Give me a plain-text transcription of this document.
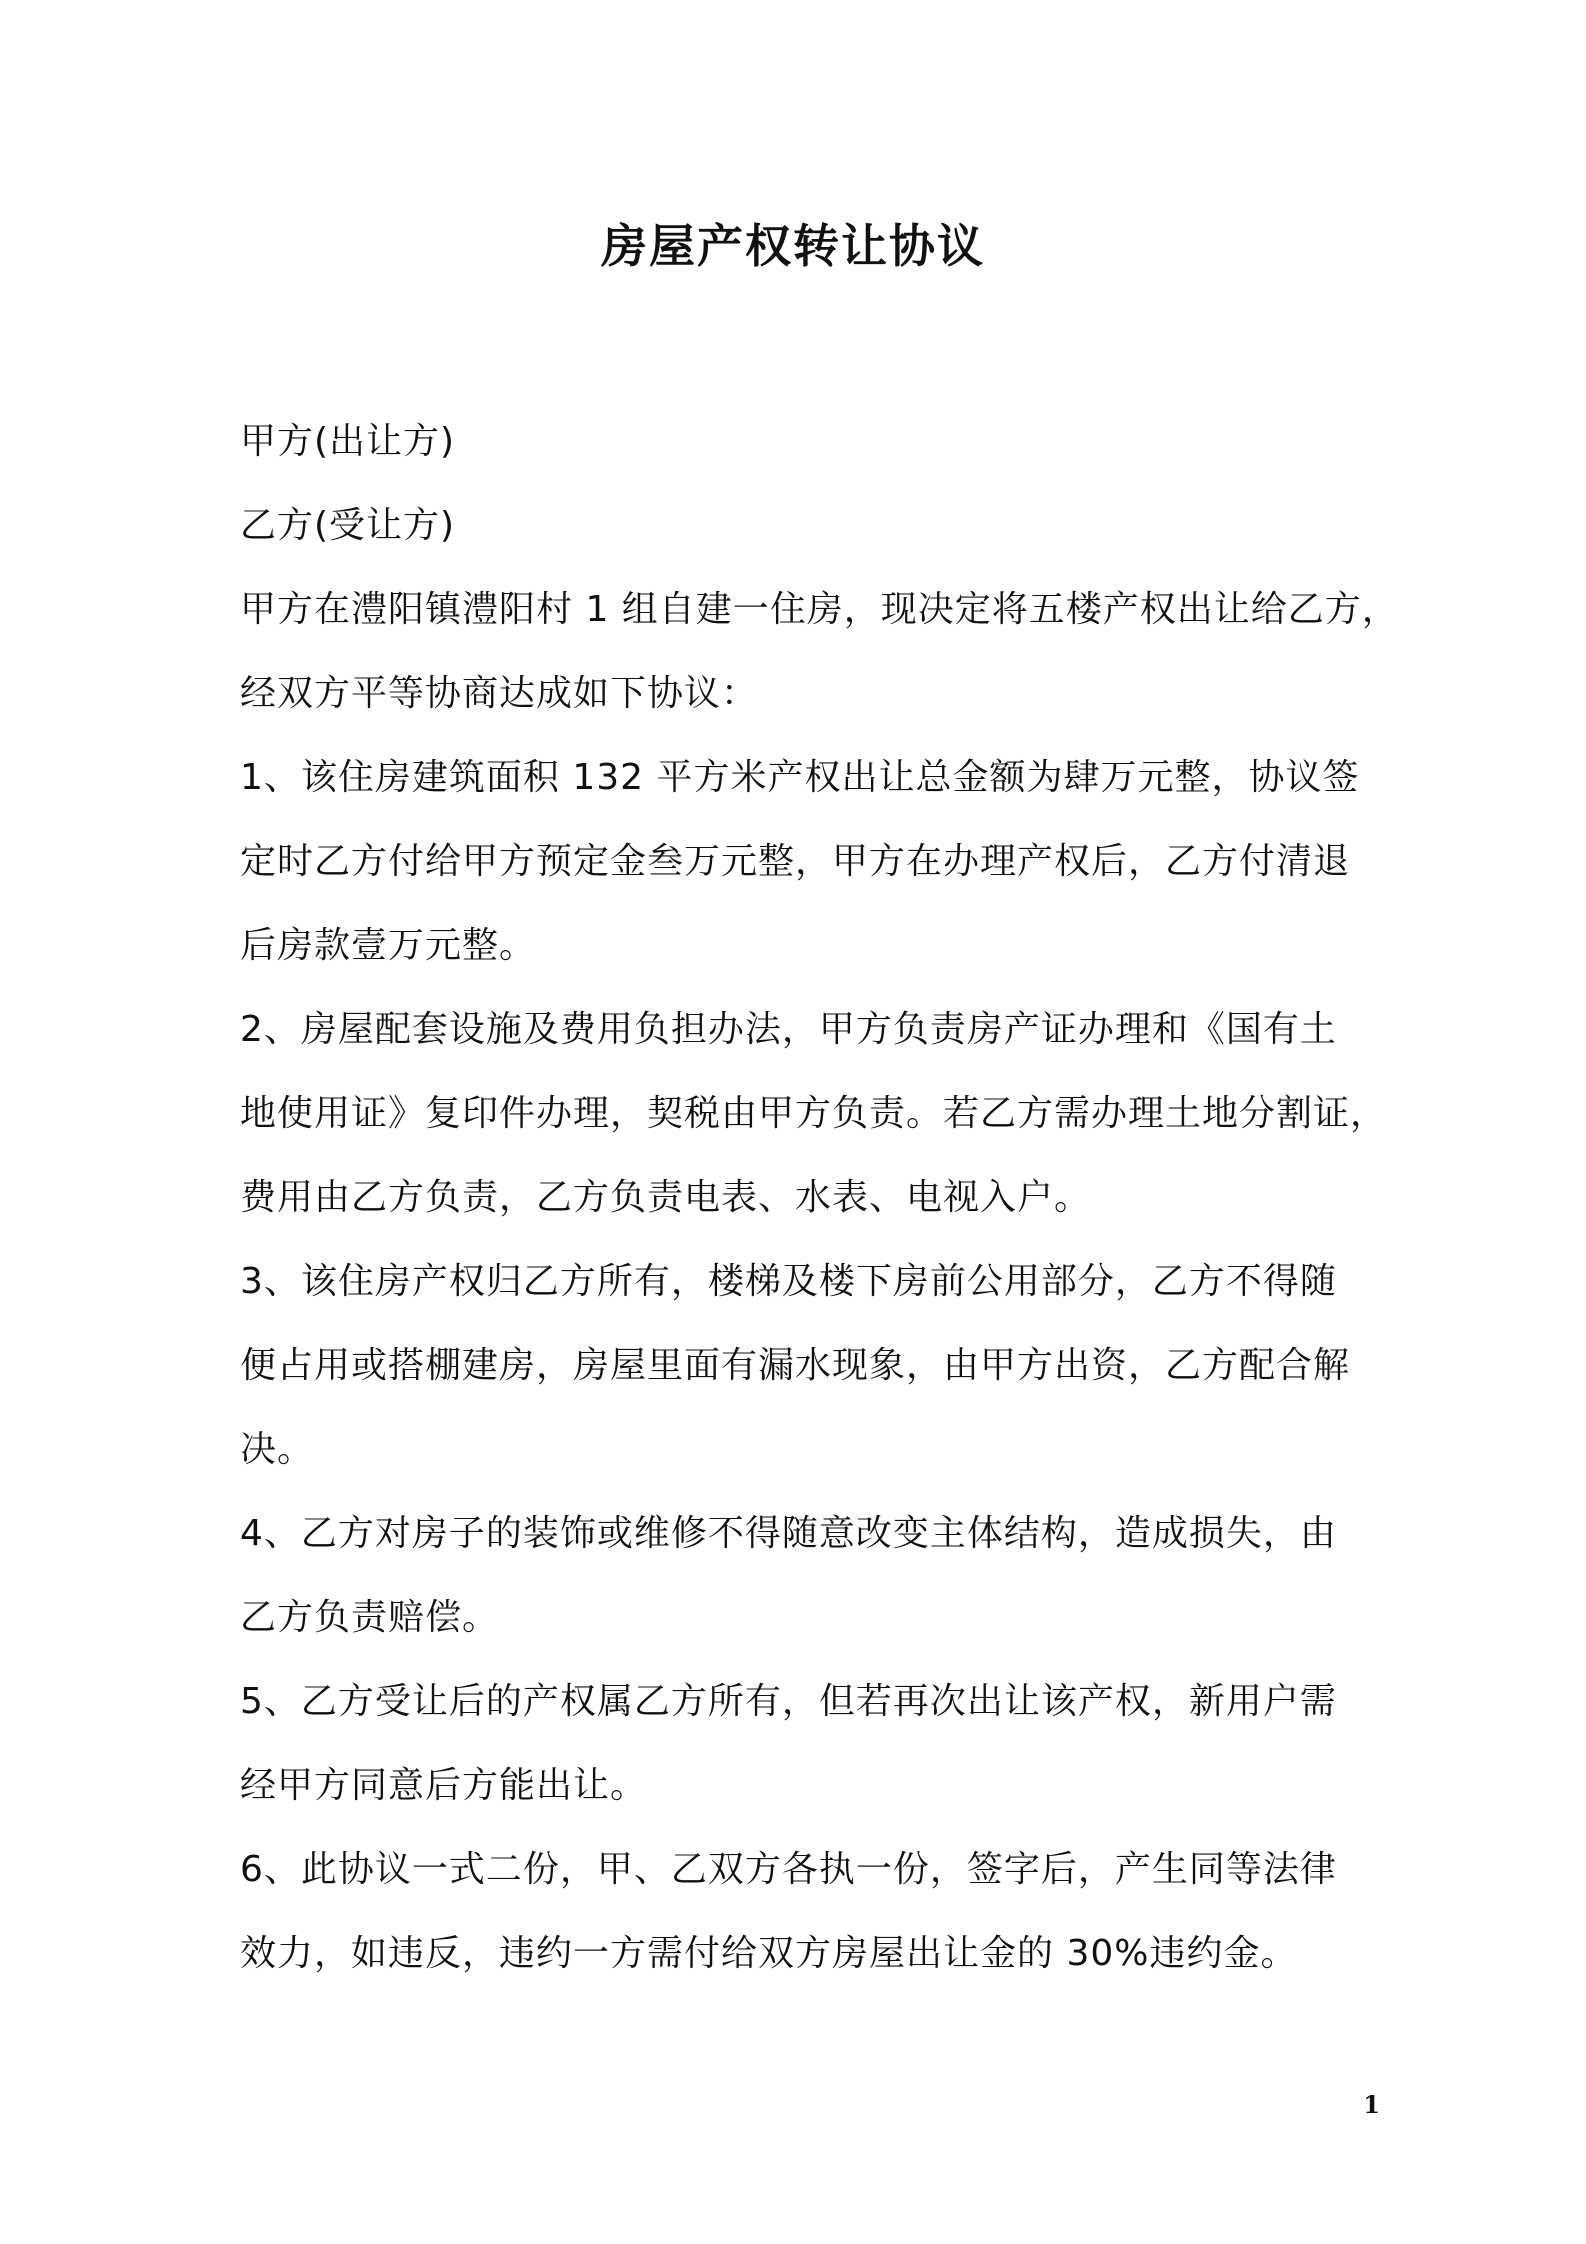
房屋产权转让协议
甲方(出让方)
乙方(受让方)
甲方在澧阳镇澧阳村 1 组自建一住房，现决定将五楼产权出让给乙方，
经双方平等协商达成如下协议：
1、该住房建筑面积 132 平方米产权出让总金额为肆万元整，协议签
定时乙方付给甲方预定金叁万元整，甲方在办理产权后，乙方付清退
后房款壹万元整。
2、房屋配套设施及费用负担办法，甲方负责房产证办理和《国有土
地使用证》复印件办理，契税由甲方负责。若乙方需办理土地分割证，
费用由乙方负责，乙方负责电表、水表、电视入户。
3、该住房产权归乙方所有，楼梯及楼下房前公用部分，乙方不得随
便占用或搭棚建房，房屋里面有漏水现象，由甲方出资，乙方配合解
决。
4、乙方对房子的装饰或维修不得随意改变主体结构，造成损失，由
乙方负责赔偿。
5、乙方受让后的产权属乙方所有，但若再次出让该产权，新用户需
经甲方同意后方能出让。
6、此协议一式二份，甲、乙双方各执一份，签字后，产生同等法律
效力，如违反，违约一方需付给双方房屋出让金的 30%违约金。
1
